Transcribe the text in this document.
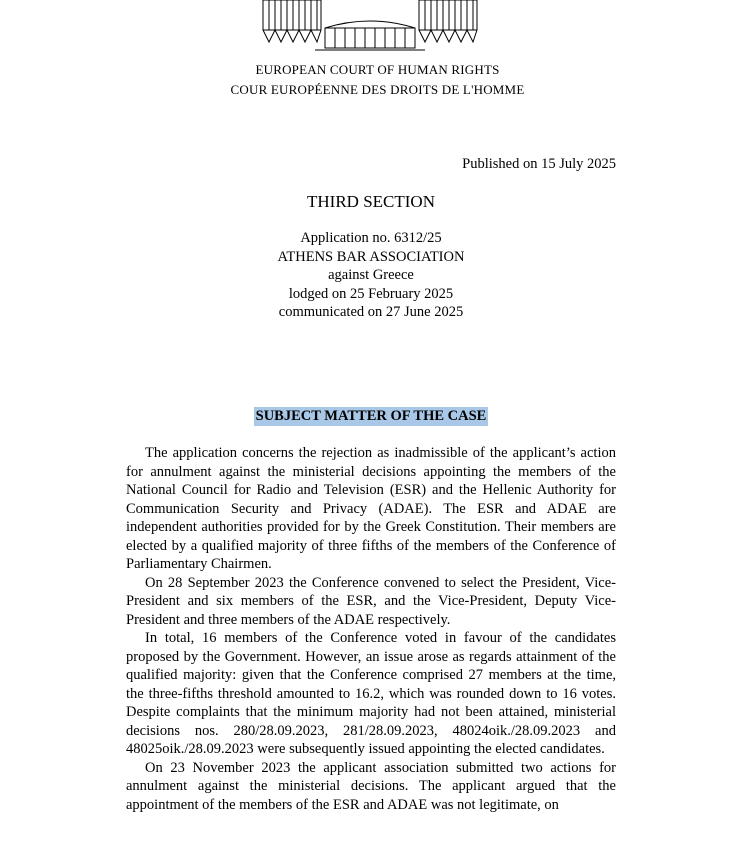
EUROPEAN COURT OF HUMAN RIGHTS
COUR EUROPÉENNE DES DROITS DE L'HOMME
Published on 15 July 2025
THIRD SECTION
Application no. 6312/25
ATHENS BAR ASSOCIATION
against Greece
lodged on 25 February 2025
communicated on 27 June 2025
SUBJECT MATTER OF THE CASE

The application concerns the rejection as inadmissible of the applicant’s action for annulment against the ministerial decisions appointing the members of the National Council for Radio and Television (ESR) and the Hellenic Authority for Communication Security and Privacy (ADAE). The ESR and ADAE are independent authorities provided for by the Greek Constitution. Their members are elected by a qualified majority of three fifths of the members of the Conference of Parliamentary Chairmen.

On 28 September 2023 the Conference convened to select the President, Vice-President and six members of the ESR, and the Vice-President, Deputy Vice-President and three members of the ADAE respectively.

In total, 16 members of the Conference voted in favour of the candidates proposed by the Government. However, an issue arose as regards attainment of the qualified majority: given that the Conference comprised 27 members at the time, the three-fifths threshold amounted to 16.2, which was rounded down to 16 votes. Despite complaints that the minimum majority had not been attained, ministerial decisions nos. 280/28.09.2023, 281/28.09.2023, 48024oik./28.09.2023 and 48025oik./28.09.2023 were subsequently issued appointing the elected candidates.

On 23 November 2023 the applicant association submitted two actions for annulment against the ministerial decisions. The applicant argued that the appointment of the members of the ESR and ADAE was not legitimate, on
